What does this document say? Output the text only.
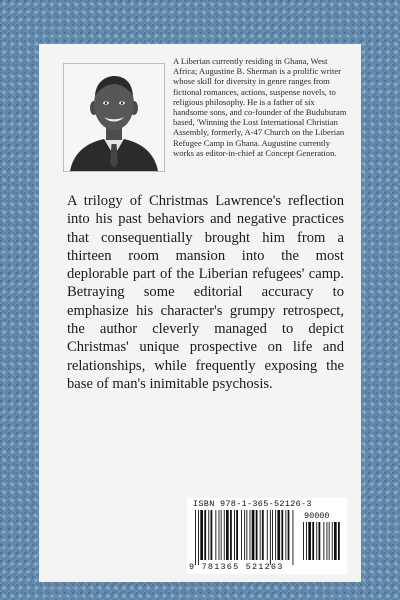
A Liberian currently residing in Ghana, West Africa; Augustine B. Sherman is a prolific writer whose skill for diversity in genre ranges from fictional romances, actions, suspense novels, to religious philosophy. He is a father of six handsome sons, and co-founder of the Buduburam based, 'Winning the Lost International Christian Assembly, formerly, A-47 Church on the Liberian Refugee Camp in Ghana. Augustine currently works as editor-in-chief at Concept Generation.
A trilogy of Christmas Lawrence's reflection into his past behaviors and negative practices that consequentially brought him from a thirteen room mansion into the most deplorable part of the Liberian refugees' camp. Betraying some editorial accuracy to emphasize his character's grumpy retrospect, the author cleverly managed to depict Christmas' unique prospective on life and relationships, while frequently exposing the base of man's inimitable psychosis.
ISBN 978-1-365-52126-3
90000
9 781365 521263
